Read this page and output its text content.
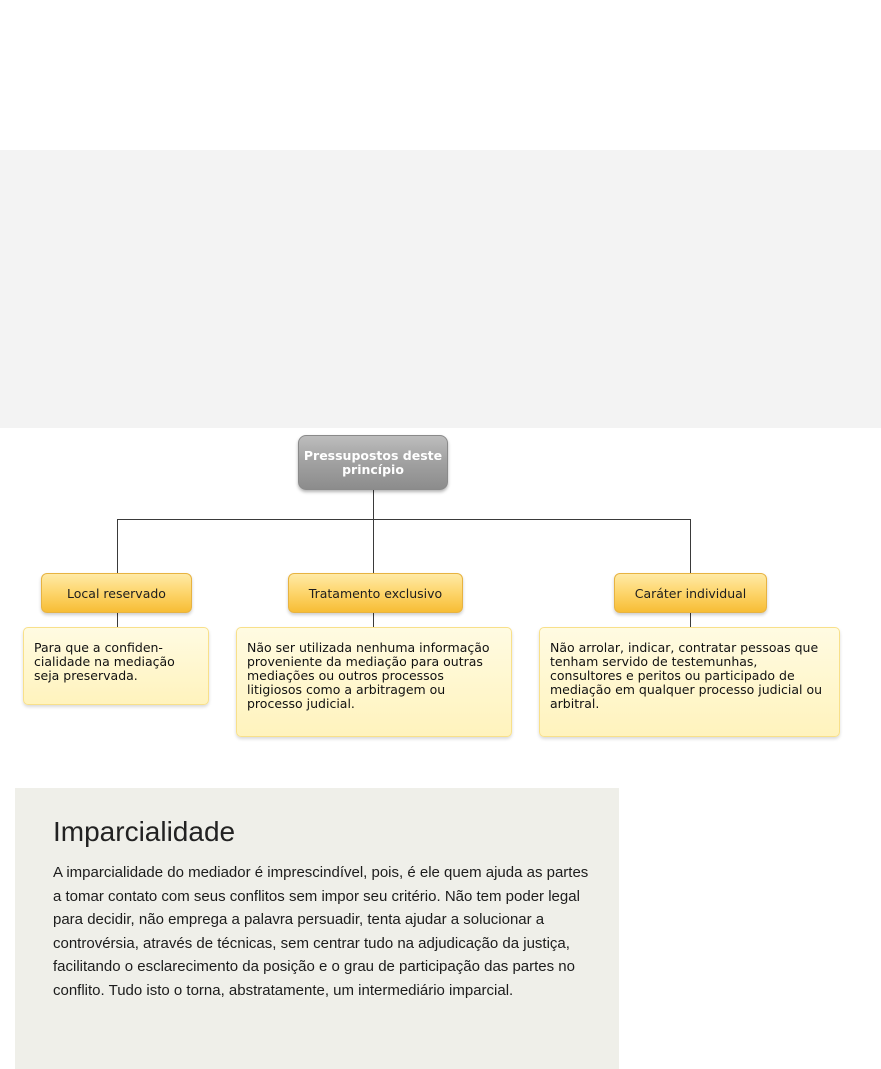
Pressupostos deste princípio
Local reservado	Tratamento exclusivo	Caráter individual
Para que a confiden-cialidade na mediação seja preservada.
Não ser utilizada nenhuma informação proveniente da mediação para outras mediações ou outros processos litigiosos como a arbitragem ou processo judicial.
Não arrolar, indicar, contratar pessoas que tenham servido de testemunhas, consultores e peritos ou participado de mediação em qualquer processo judicial ou arbitral.
Imparcialidade

A imparcialidade do mediador é imprescindível, pois, é ele quem ajuda as partes a tomar contato com seus conflitos sem impor seu critério. Não tem poder legal para decidir, não emprega a palavra persuadir, tenta ajudar a solucionar a controvérsia, através de técnicas, sem centrar tudo na adjudicação da justiça, facilitando o esclarecimento da posição e o grau de participação das partes no conflito. Tudo isto o torna, abstratamente, um intermediário imparcial.
